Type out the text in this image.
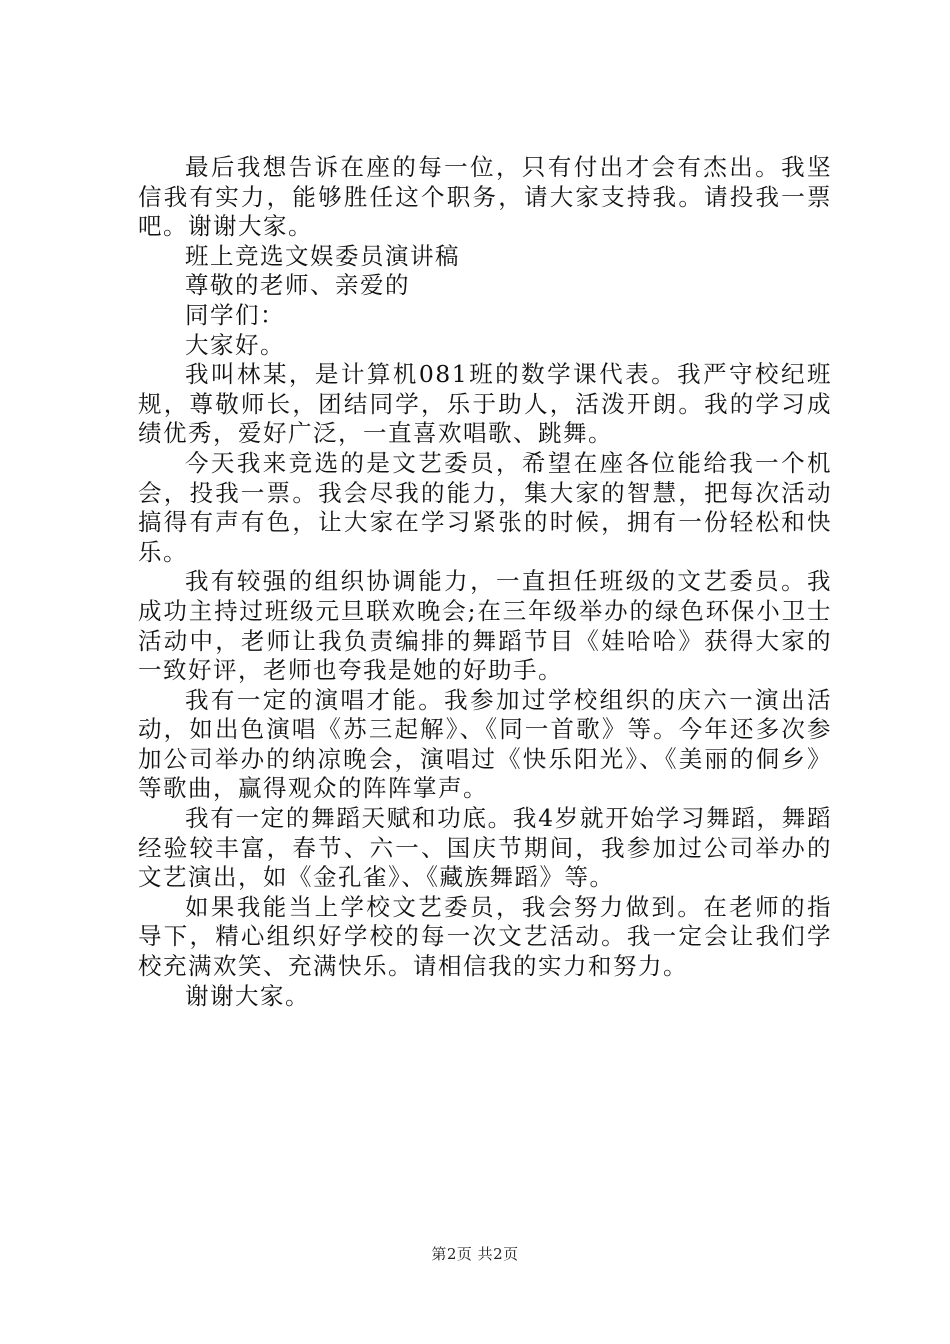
最后我想告诉在座的每一位，只有付出才会有杰出。我坚信我有实力，能够胜任这个职务，请大家支持我。请投我一票吧。谢谢大家。

班上竞选文娱委员演讲稿

尊敬的老师、亲爱的

同学们：

大家好。

我叫林某，是计算机081班的数学课代表。我严守校纪班规，尊敬师长，团结同学，乐于助人，活泼开朗。我的学习成绩优秀，爱好广泛，一直喜欢唱歌、跳舞。

今天我来竞选的是文艺委员，希望在座各位能给我一个机会，投我一票。我会尽我的能力，集大家的智慧，把每次活动搞得有声有色，让大家在学习紧张的时候，拥有一份轻松和快乐。

我有较强的组织协调能力，一直担任班级的文艺委员。我成功主持过班级元旦联欢晚会;在三年级举办的绿色环保小卫士活动中，老师让我负责编排的舞蹈节目《娃哈哈》获得大家的一致好评，老师也夸我是她的好助手。

我有一定的演唱才能。我参加过学校组织的庆六一演出活动，如出色演唱《苏三起解》、《同一首歌》等。今年还多次参加公司举办的纳凉晚会，演唱过《快乐阳光》、《美丽的侗乡》等歌曲，赢得观众的阵阵掌声。

我有一定的舞蹈天赋和功底。我4岁就开始学习舞蹈，舞蹈经验较丰富，春节、六一、国庆节期间，我参加过公司举办的文艺演出，如《金孔雀》、《藏族舞蹈》等。

如果我能当上学校文艺委员，我会努力做到。在老师的指导下，精心组织好学校的每一次文艺活动。我一定会让我们学校充满欢笑、充满快乐。请相信我的实力和努力。

谢谢大家。

第2页 共2页
